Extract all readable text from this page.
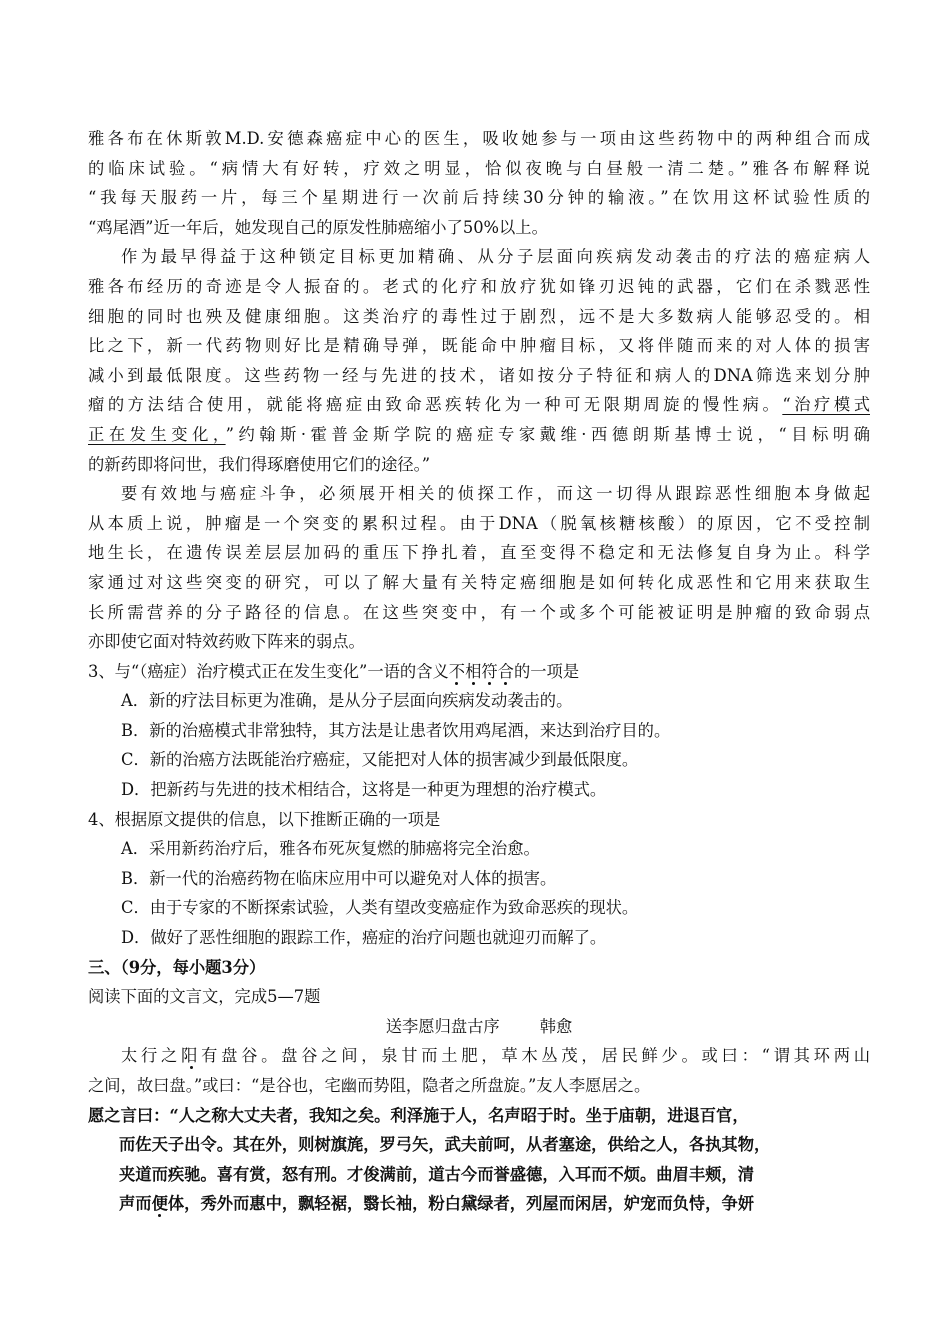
雅各布在休斯敦M.D.安德森癌症中心的医生，吸收她参与一项由这些药物中的两种组合而成
的临床试验。“病情大有好转，疗效之明显，恰似夜晚与白昼般一清二楚。”雅各布解释说
“我每天服药一片，每三个星期进行一次前后持续30分钟的输液。”在饮用这杯试验性质的
“鸡尾酒”近一年后，她发现自己的原发性肺癌缩小了50%以上。
作为最早得益于这种锁定目标更加精确、从分子层面向疾病发动袭击的疗法的癌症病人
雅各布经历的奇迹是令人振奋的。老式的化疗和放疗犹如锋刃迟钝的武器，它们在杀戮恶性
细胞的同时也殃及健康细胞。这类治疗的毒性过于剧烈，远不是大多数病人能够忍受的。相
比之下，新一代药物则好比是精确导弹，既能命中肿瘤目标，又将伴随而来的对人体的损害
减小到最低限度。这些药物一经与先进的技术，诸如按分子特征和病人的DNA筛选来划分肿
瘤的方法结合使用，就能将癌症由致命恶疾转化为一种可无限期周旋的慢性病。“治疗模式
正在发生变化，”约翰斯·霍普金斯学院的癌症专家戴维·西德朗斯基博士说，“目标明确
的新药即将问世，我们得琢磨使用它们的途径。”
要有效地与癌症斗争，必须展开相关的侦探工作，而这一切得从跟踪恶性细胞本身做起
从本质上说，肿瘤是一个突变的累积过程。由于DNA（脱氧核糖核酸）的原因，它不受控制
地生长，在遗传误差层层加码的重压下挣扎着，直至变得不稳定和无法修复自身为止。科学
家通过对这些突变的研究，可以了解大量有关特定癌细胞是如何转化成恶性和它用来获取生
长所需营养的分子路径的信息。在这些突变中，有一个或多个可能被证明是肿瘤的致命弱点
亦即使它面对特效药败下阵来的弱点。
3、与“（癌症）治疗模式正在发生变化”一语的含义不相符合的一项是
A．新的疗法目标更为准确，是从分子层面向疾病发动袭击的。
B．新的治癌模式非常独特，其方法是让患者饮用鸡尾酒，来达到治疗目的。
C．新的治癌方法既能治疗癌症，又能把对人体的损害减少到最低限度。
D．把新药与先进的技术相结合，这将是一种更为理想的治疗模式。
4、根据原文提供的信息，以下推断正确的一项是
A．采用新药治疗后，雅各布死灰复燃的肺癌将完全治愈。
B．新一代的治癌药物在临床应用中可以避免对人体的损害。
C．由于专家的不断探索试验，人类有望改变癌症作为致命恶疾的现状。
D．做好了恶性细胞的跟踪工作，癌症的治疗问题也就迎刃而解了。
三、（9分，每小题3分）
阅读下面的文言文，完成5—7题
送李愿归盘古序 韩愈
太行之阳有盘谷。盘谷之间，泉甘而土肥，草木丛茂，居民鲜少。或曰：“谓其环两山
之间，故曰盘。”或曰：“是谷也，宅幽而势阻，隐者之所盘旋。”友人李愿居之。
愿之言曰：“人之称大丈夫者，我知之矣。利泽施于人，名声昭于时。坐于庙朝，进退百官，
而佐天子出令。其在外，则树旗旄，罗弓矢，武夫前呵，从者塞途，供给之人，各执其物，
夹道而疾驰。喜有赏，怒有刑。才俊满前，道古今而誉盛德，入耳而不烦。曲眉丰颊，清
声而便体，秀外而惠中，飘轻裾，翳长袖，粉白黛绿者，列屋而闲居，妒宠而负恃，争妍
